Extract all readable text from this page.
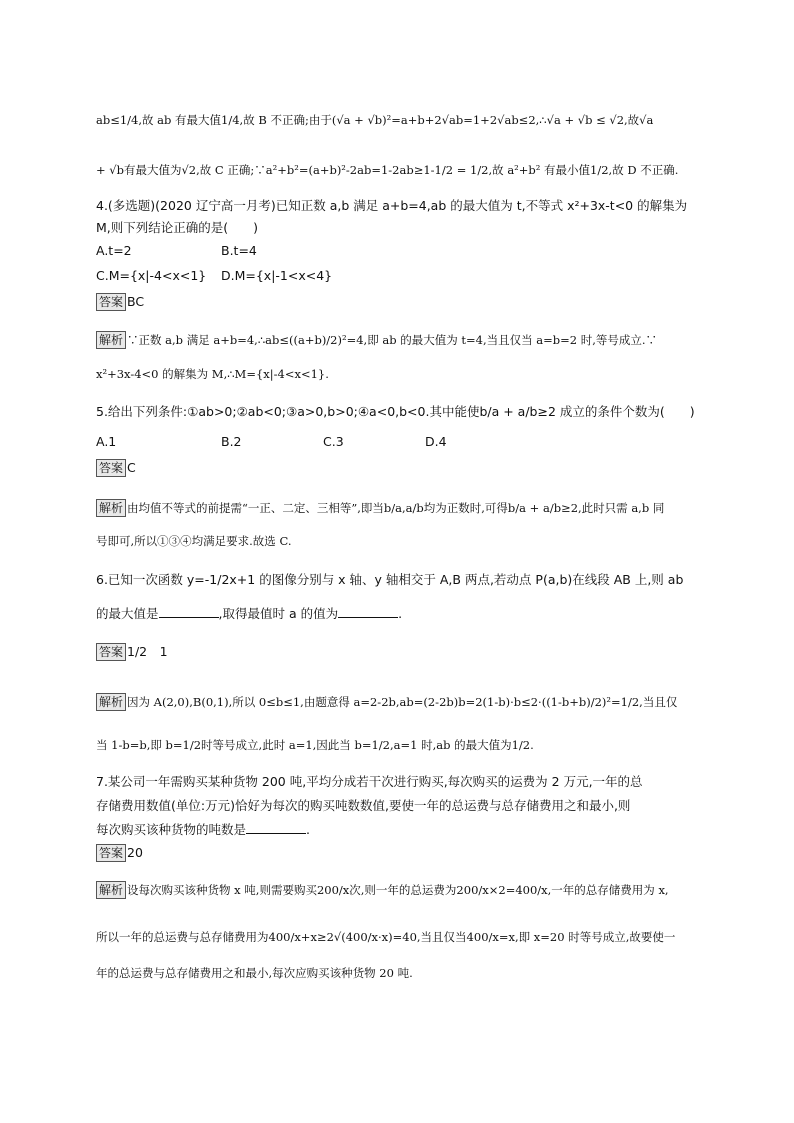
ab≤1/4,故 ab 有最大值1/4,故 B 不正确;由于(√a + √b)²=a+b+2√ab=1+2√ab≤2,∴√a + √b ≤ √2,故√a
+ √b有最大值为√2,故 C 正确;∵a²+b²=(a+b)²-2ab=1-2ab≥1-1/2 = 1/2,故 a²+b² 有最小值1/2,故 D 不正确.
4.(多选题)(2020 辽宁高一月考)已知正数 a,b 满足 a+b=4,ab 的最大值为 t,不等式 x²+3x-t<0 的解集为
M,则下列结论正确的是(　　)
A.t=2	B.t=4
C.M={x|-4<x<1} D.M={x|-1<x<4}
答案 BC
解析 ∵正数 a,b 满足 a+b=4,∴ab≤((a+b)/2)²=4,即 ab 的最大值为 t=4,当且仅当 a=b=2 时,等号成立.∵
x²+3x-4<0 的解集为 M,∴M={x|-4<x<1}.
5.给出下列条件:①ab>0;②ab<0;③a>0,b>0;④a<0,b<0.其中能使b/a + a/b≥2 成立的条件个数为(　　)
A.1	B.2	C.3	D.4
答案 C
解析 由均值不等式的前提需“一正、二定、三相等”,即当b/a,a/b均为正数时,可得b/a + a/b≥2,此时只需 a,b 同
号即可,所以①③④均满足要求.故选 C.
6.已知一次函数 y=-1/2x+1 的图像分别与 x 轴、y 轴相交于 A,B 两点,若动点 P(a,b)在线段 AB 上,则 ab
的最大值是	,取得最值时 a 的值为	.
答案 1/2　1
解析 因为 A(2,0),B(0,1),所以 0≤b≤1,由题意得 a=2-2b,ab=(2-2b)b=2(1-b)·b≤2·((1-b+b)/2)²=1/2,当且仅
当 1-b=b,即 b=1/2时等号成立,此时 a=1,因此当 b=1/2,a=1 时,ab 的最大值为1/2.
7.某公司一年需购买某种货物 200 吨,平均分成若干次进行购买,每次购买的运费为 2 万元,一年的总
存储费用数值(单位:万元)恰好为每次的购买吨数数值,要使一年的总运费与总存储费用之和最小,则
每次购买该种货物的吨数是	.
答案 20
解析 设每次购买该种货物 x 吨,则需要购买200/x次,则一年的总运费为200/x×2=400/x,一年的总存储费用为 x,
所以一年的总运费与总存储费用为400/x+x≥2√(400/x·x)=40,当且仅当400/x=x,即 x=20 时等号成立,故要使一
年的总运费与总存储费用之和最小,每次应购买该种货物 20 吨.
